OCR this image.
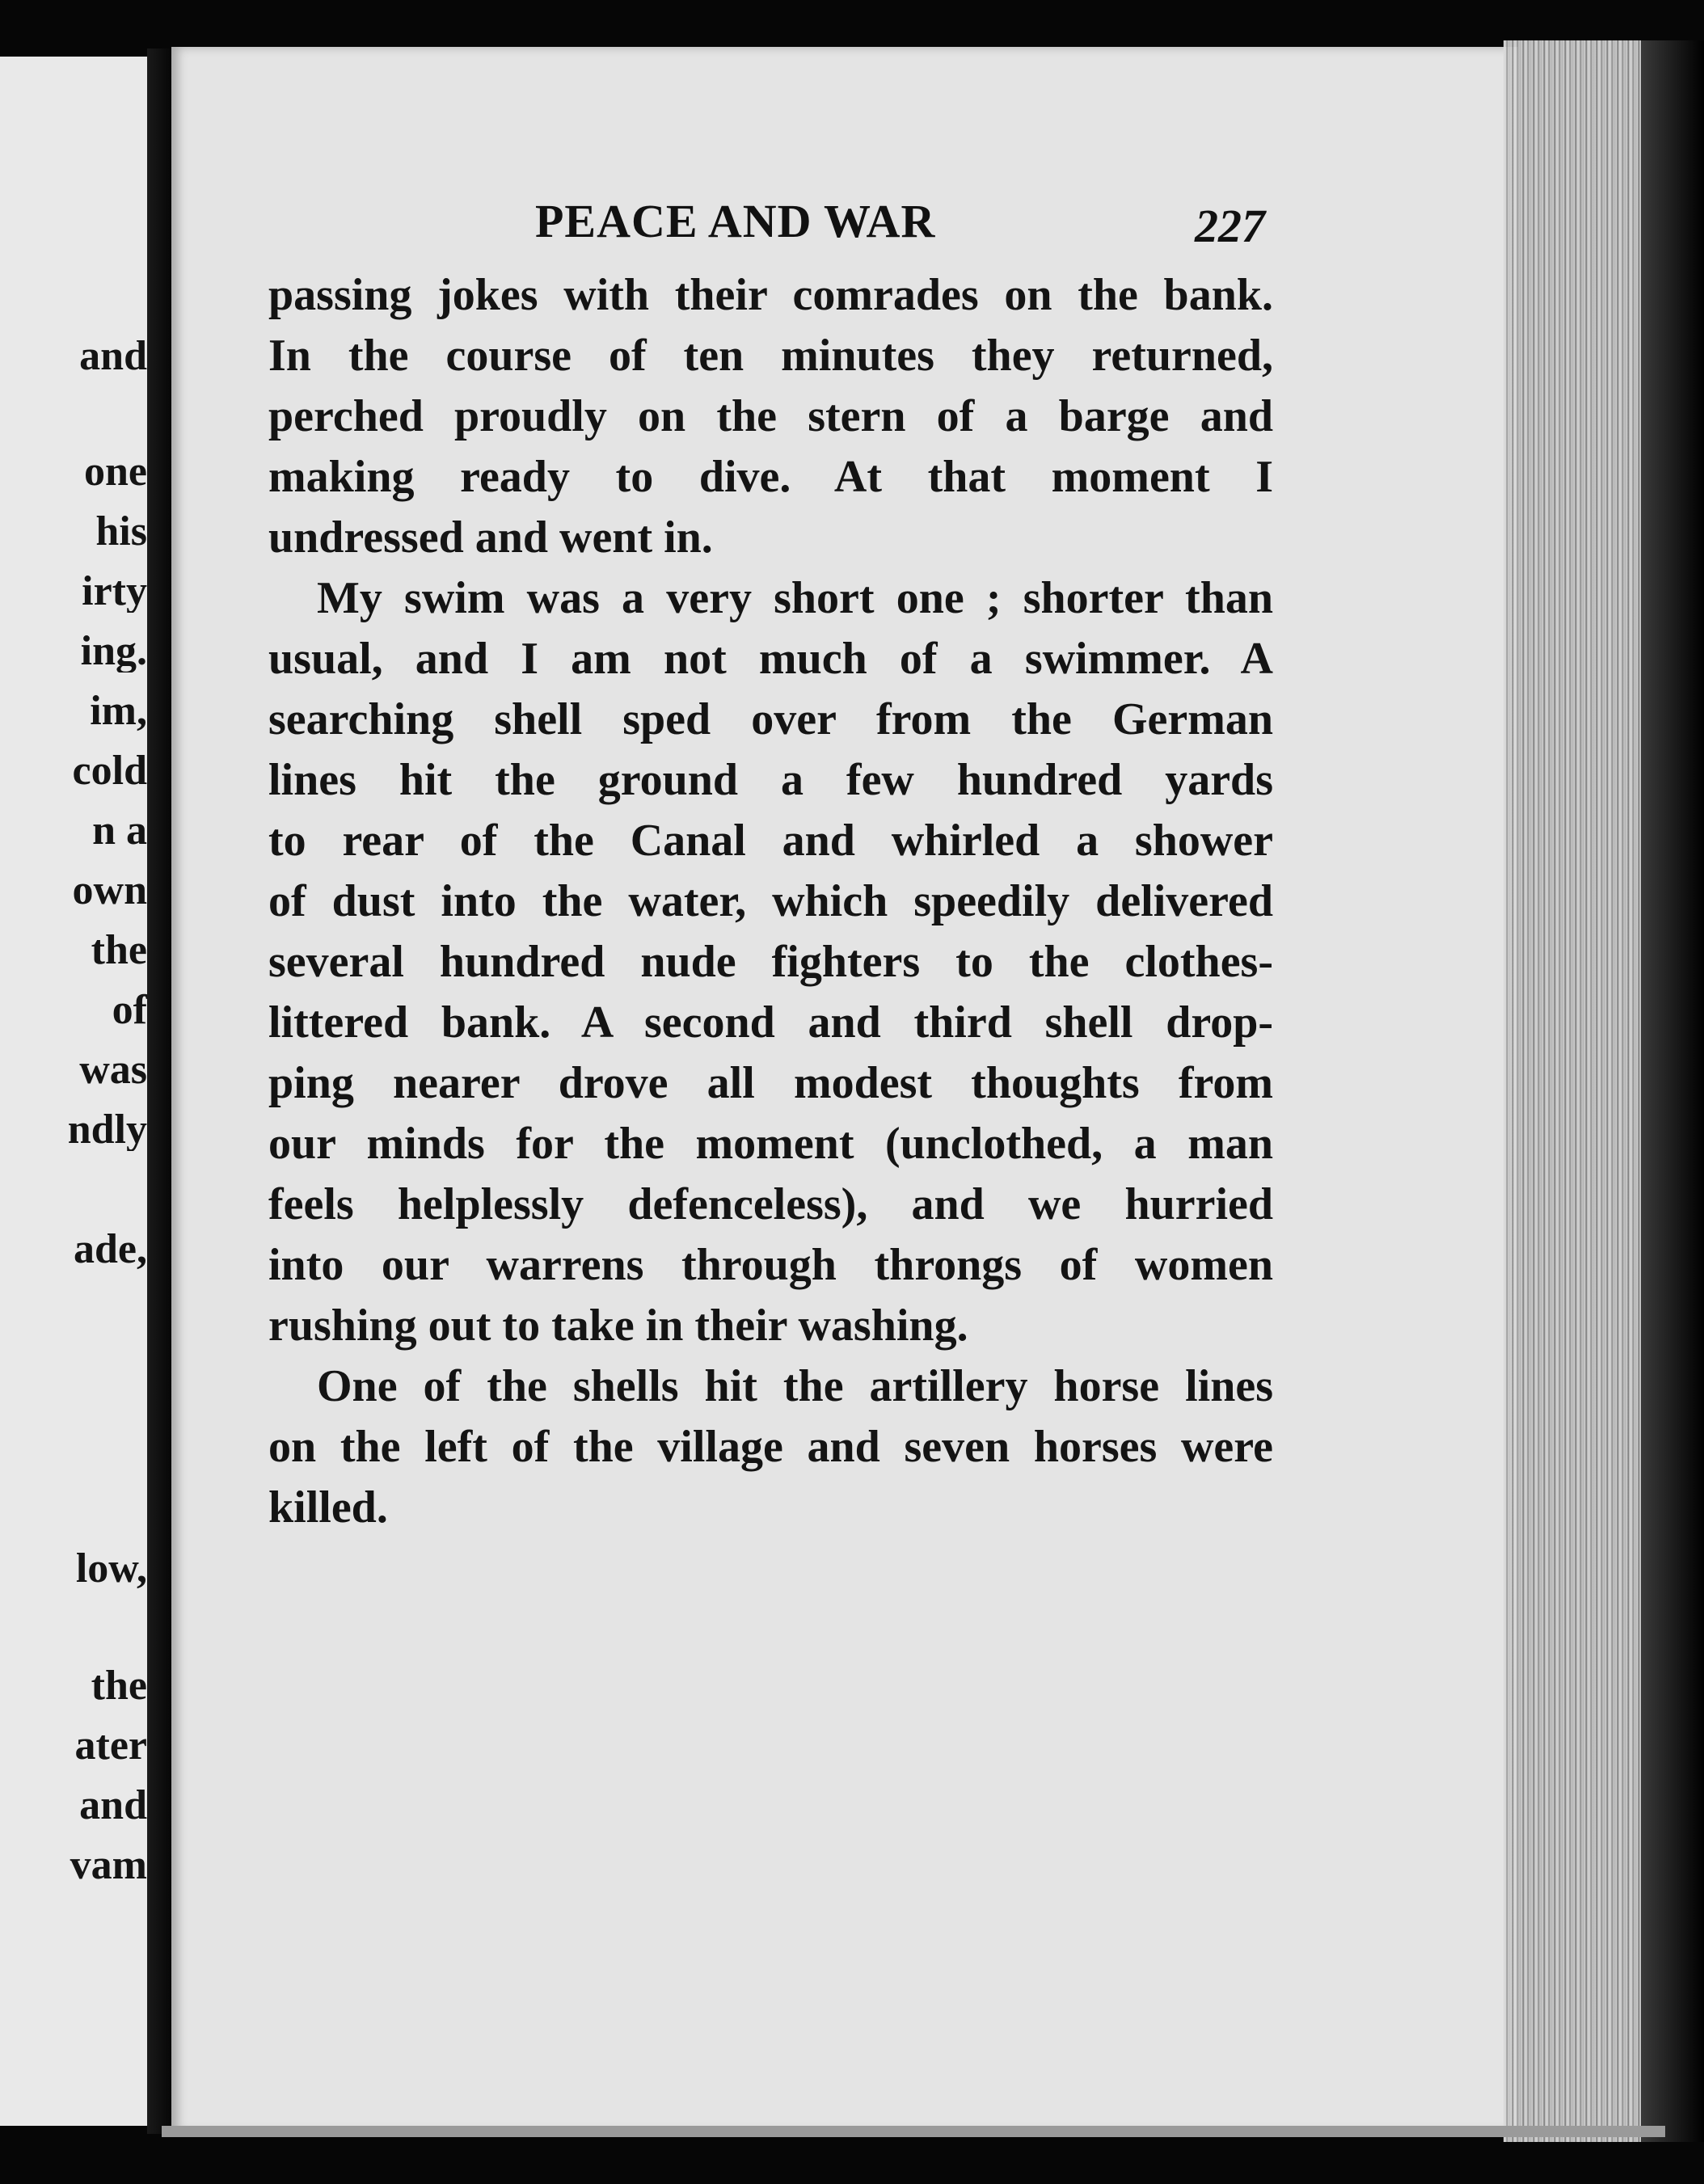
and
one
his
irty
ing.
im,
cold
n a
own
the
of
was
ndly
ade,
low,
the
ater
and
vam
PEACE AND WAR	227
passing jokes with their comrades on the bank.
In the course of ten minutes they returned,
perched proudly on the stern of a barge and
making ready to dive. At that moment I
undressed and went in.
My swim was a very short one ; shorter than
usual, and I am not much of a swimmer. A
searching shell sped over from the German
lines hit the ground a few hundred yards
to rear of the Canal and whirled a shower
of dust into the water, which speedily delivered
several hundred nude fighters to the clothes-
littered bank. A second and third shell drop-
ping nearer drove all modest thoughts from
our minds for the moment (unclothed, a man
feels helplessly defenceless), and we hurried
into our warrens through throngs of women
rushing out to take in their washing.
One of the shells hit the artillery horse lines
on the left of the village and seven horses were
killed.
